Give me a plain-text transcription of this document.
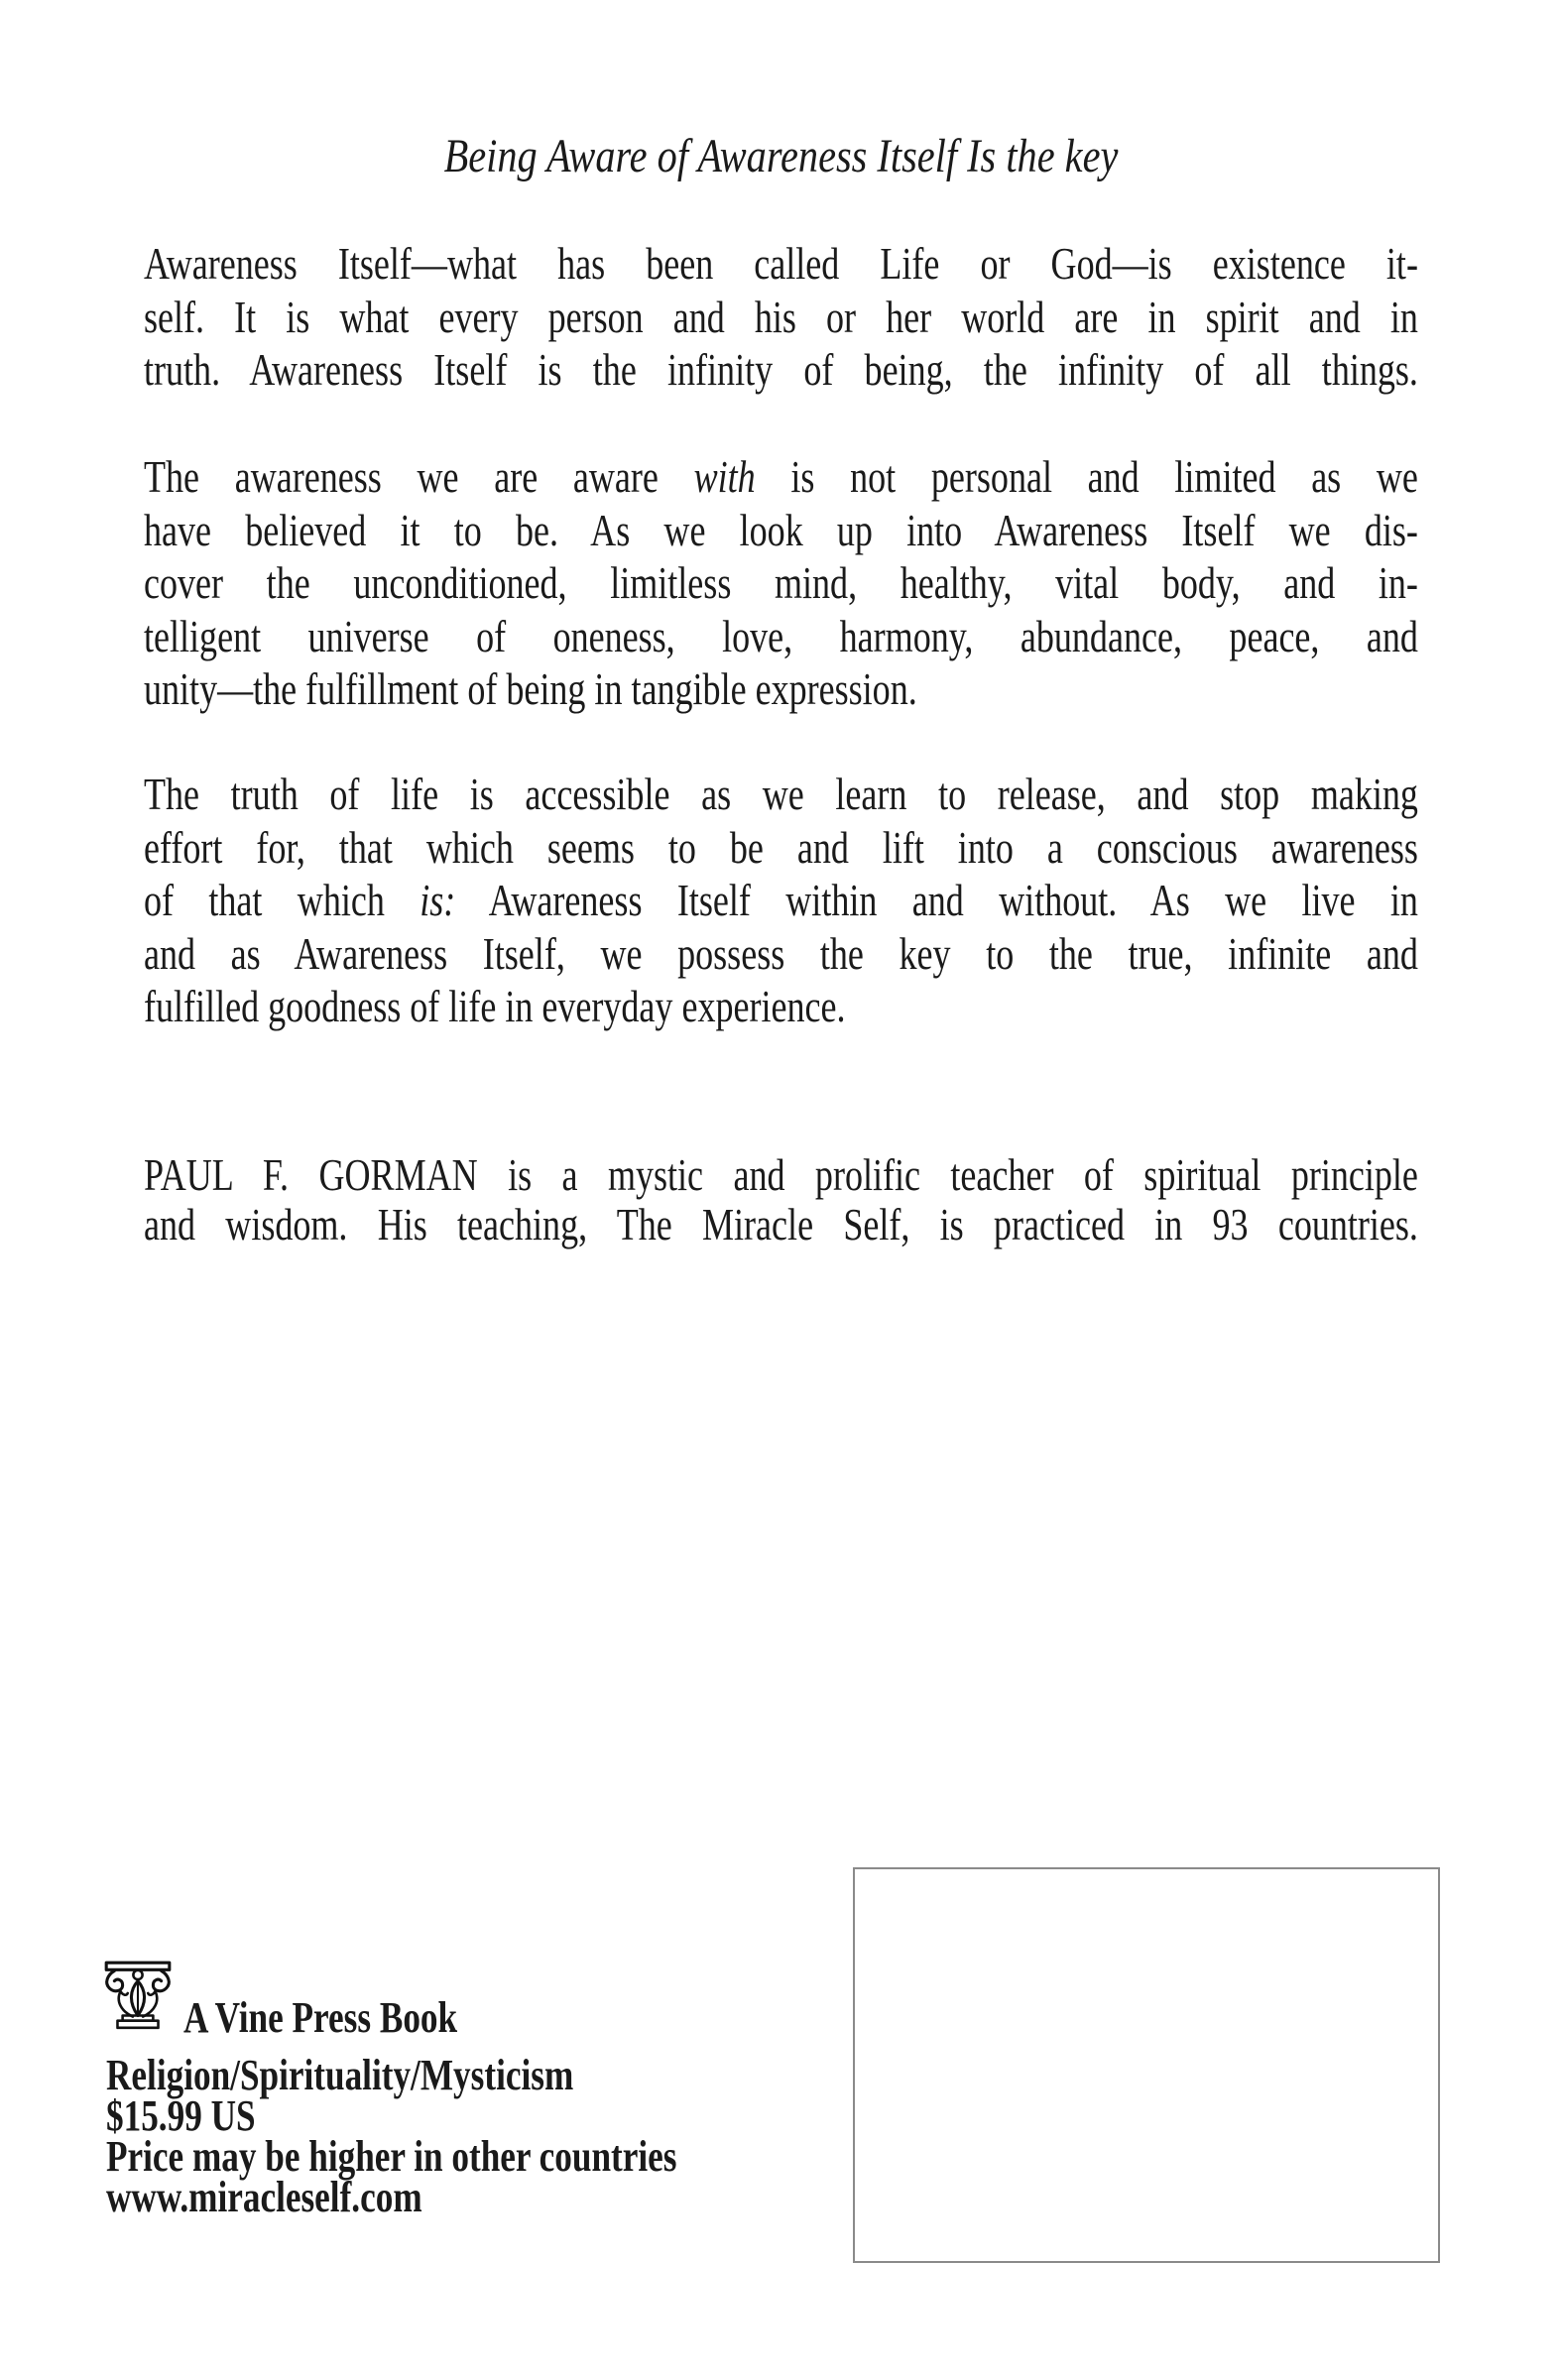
Being Aware of Awareness Itself Is the key
Awareness Itself—what has been called Life or God—is existence it-
self. It is what every person and his or her world are in spirit and in
truth. Awareness Itself is the infinity of being, the infinity of all things.
The awareness we are aware with is not personal and limited as we
have believed it to be. As we look up into Awareness Itself we dis-
cover the unconditioned, limitless mind, healthy, vital body, and in-
telligent universe of oneness, love, harmony, abundance, peace, and
unity—the fulfillment of being in tangible expression.
The truth of life is accessible as we learn to release, and stop making
effort for, that which seems to be and lift into a conscious awareness
of that which is: Awareness Itself within and without. As we live in
and as Awareness Itself, we possess the key to the true, infinite and
fulfilled goodness of life in everyday experience.
PAUL F. GORMAN is a mystic and prolific teacher of spiritual principle
and wisdom. His teaching, The Miracle Self, is practiced in 93 countries.
A Vine Press Book
Religion/Spirituality/Mysticism
$15.99 US
Price may be higher in other countries
www.miracleself.com
